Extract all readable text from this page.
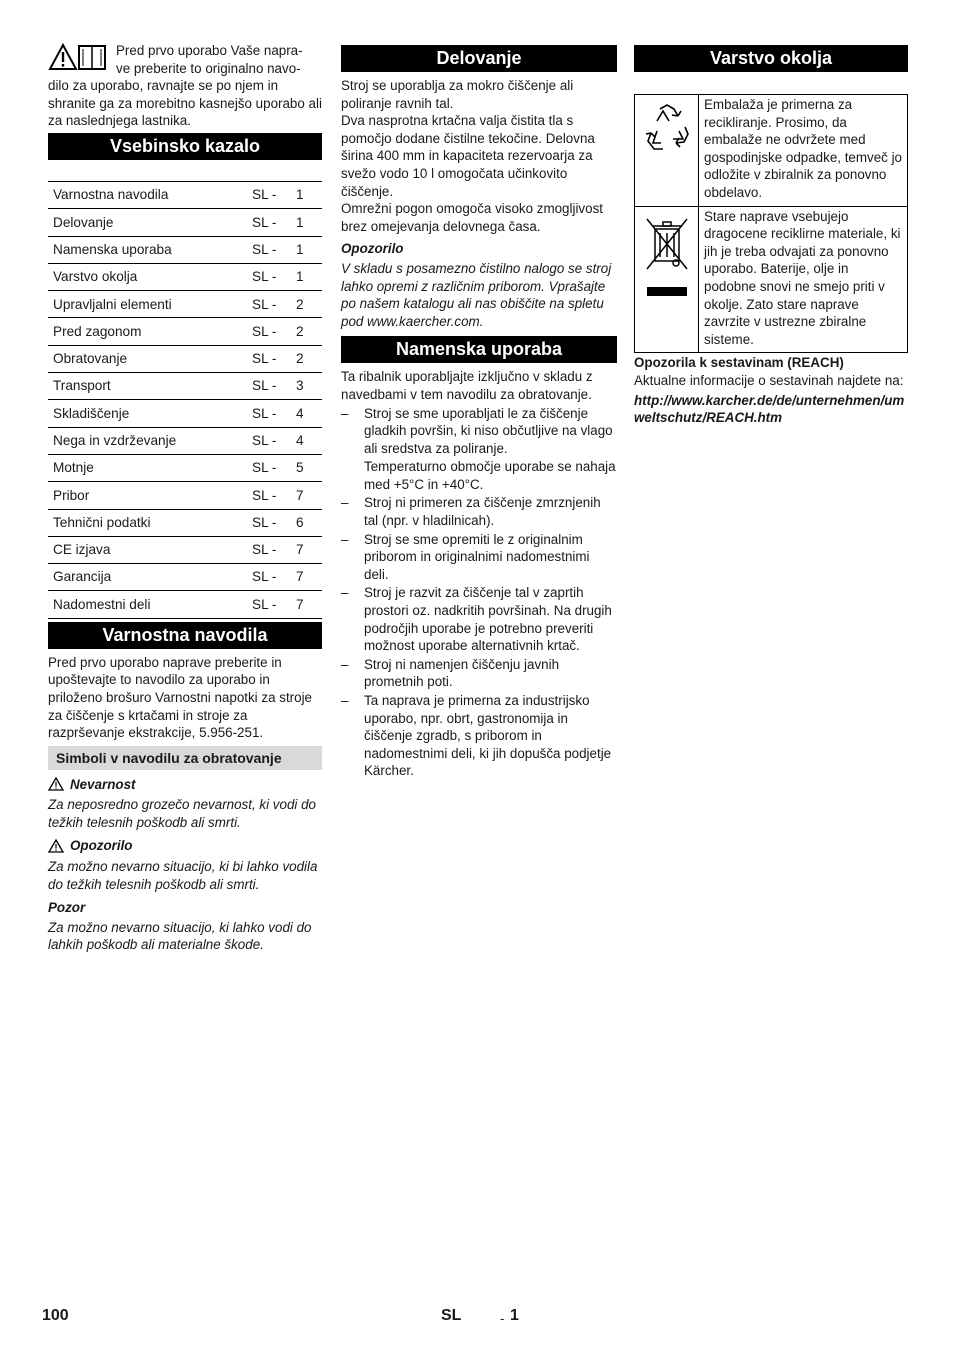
Pred prvo uporabo Vaše napra-

ve preberite to originalno navo-

dilo za uporabo, ravnajte se po njem in shranite ga za morebitno kasnejšo uporabo ali za naslednjega lastnika.

Vsebinsko kazalo
Varnostna navodila	SL -	1
Delovanje	SL -	1
Namenska uporaba	SL -	1
Varstvo okolja	SL -	1
Upravljalni elementi	SL -	2
Pred zagonom	SL -	2
Obratovanje	SL -	2
Transport	SL -	3
Skladiščenje	SL -	4
Nega in vzdrževanje	SL -	4
Motnje	SL -	5
Pribor	SL -	7
Tehnični podatki	SL -	6
CE izjava	SL -	7
Garancija	SL -	7
Nadomestni deli	SL -	7
Varnostna navodila

Pred prvo uporabo naprave preberite in upoštevajte to navodilo za uporabo in priloženo brošuro Varnostni napotki za stroje za čiščenje s krtačami in stroje za razprševanje ekstrakcije, 5.956-251.

Simboli v navodilu za obratovanje
Nevarnost

Za neposredno grozečo nevarnost, ki vodi do težkih telesnih poškodb ali smrti.

Opozorilo

Za možno nevarno situacijo, ki bi lahko vodila do težkih telesnih poškodb ali smrti.

Pozor

Za možno nevarno situacijo, ki lahko vodi do lahkih poškodb ali materialne škode.

Delovanje

Stroj se uporablja za mokro čiščenje ali poliranje ravnih tal.

Dva nasprotna krtačna valja čistita tla s pomočjo dodane čistilne tekočine. Delovna širina 400 mm in kapaciteta rezervoarja za svežo vodo 10 l omogočata učinkovito čiščenje.

Omrežni pogon omogoča visoko zmogljivost brez omejevanja delovnega časa.

Opozorilo

V skladu s posamezno čistilno nalogo se stroj lahko opremi z različnim priborom. Vprašajte po našem katalogu ali nas obiščite na spletu pod www.kaercher.com.

Namenska uporaba

Ta ribalnik uporabljajte izključno v skladu z navedbami v tem navodilu za obratovanje.

– Stroj se sme uporabljati le za čiščenje gladkih površin, ki niso občutljive na vlago ali sredstva za poliranje.
Temperaturno območje uporabe se nahaja med +5°C in +40°C.
– Stroj ni primeren za čiščenje zmrznjenih tal (npr. v hladilnicah).
– Stroj se sme opremiti le z originalnim priborom in originalnimi nadomestnimi deli.
– Stroj je razvit za čiščenje tal v zaprtih prostori oz. nadkritih površinah. Na drugih področjih uporabe je potrebno preveriti možnost uporabe alternativnih krtač.
– Stroj ni namenjen čiščenju javnih prometnih poti.
– Ta naprava je primerna za industrijsko uporabo, npr. obrt, gastronomija in čiščenje zgradb, s priborom in nadomestnimi deli, ki jih dopušča podjetje Kärcher.
Varstvo okolja
	Embalaža je primerna za recikliranje. Prosimo, da embalaže ne odvržete med gospodinjske odpadke, temveč jo odložite v zbiralnik za ponovno obdelavo.
	Stare naprave vsebujejo dragocene reciklirne materiale, ki jih je treba odvajati za ponovno uporabo. Baterije, olje in podobne snovi ne smejo priti v okolje. Zato stare naprave zavrzite v ustrezne zbiralne sisteme.

Opozorila k sestavinam (REACH)

Aktualne informacije o sestavinah najdete na:

http://www.karcher.de/de/unternehmen/umweltschutz/REACH.htm

100	SL	- 1
